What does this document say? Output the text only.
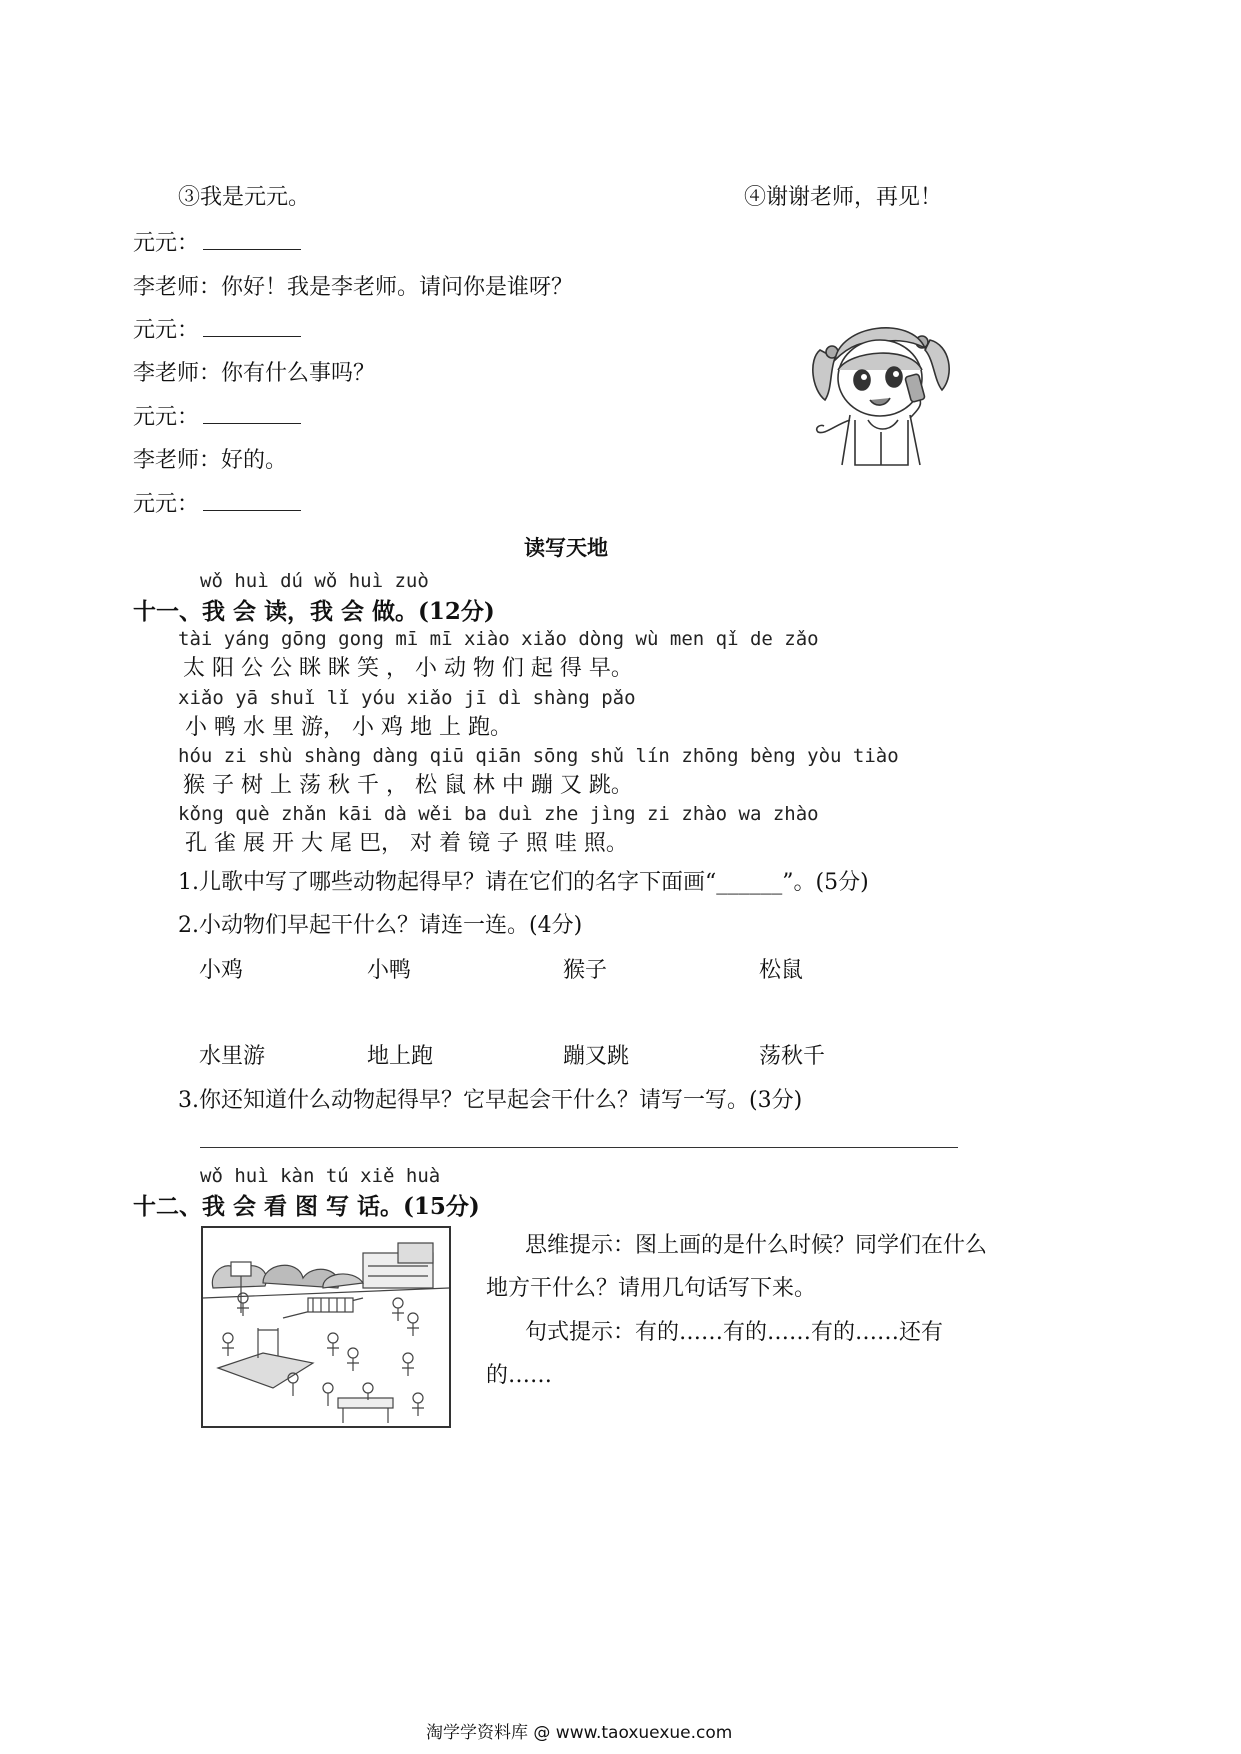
③我是元元。	④谢谢老师，再见！
元元：
李老师：你好！我是李老师。请问你是谁呀？
元元：
李老师：你有什么事吗？
元元：
李老师：好的。
元元：
读写天地
wǒ huì dú wǒ huì zuò
十一、我 会 读，我 会 做。(12分)
tài yáng gōng gong mī mī xiào xiǎo dòng wù men qǐ de zǎo
太 阳 公 公 眯 眯 笑 ， 小 动 物 们 起 得 早。
xiǎo yā shuǐ lǐ yóu xiǎo jī dì shàng pǎo
小 鸭 水 里 游， 小 鸡 地 上 跑。
hóu zi shù shàng dàng qiū qiān sōng shǔ lín zhōng bèng yòu tiào
猴 子 树 上 荡 秋 千 ， 松 鼠 林 中 蹦 又 跳。
kǒng què zhǎn kāi dà wěi ba duì zhe jìng zi zhào wa zhào
孔 雀 展 开 大 尾 巴， 对 着 镜 子 照 哇 照。
1.儿歌中写了哪些动物起得早？请在它们的名字下面画“______”。(5分)
2.小动物们早起干什么？请连一连。(4分)
小鸡	小鸭	猴子	松鼠
水里游	地上跑	蹦又跳	荡秋千
3.你还知道什么动物起得早？它早起会干什么？请写一写。(3分)
wǒ huì kàn tú xiě huà
十二、我 会 看 图 写 话。(15分)
思维提示：图上画的是什么时候？同学们在什么
地方干什么？请用几句话写下来。
句式提示：有的……有的……有的……还有
的……
淘学学资料库 @ www.taoxuexue.com
